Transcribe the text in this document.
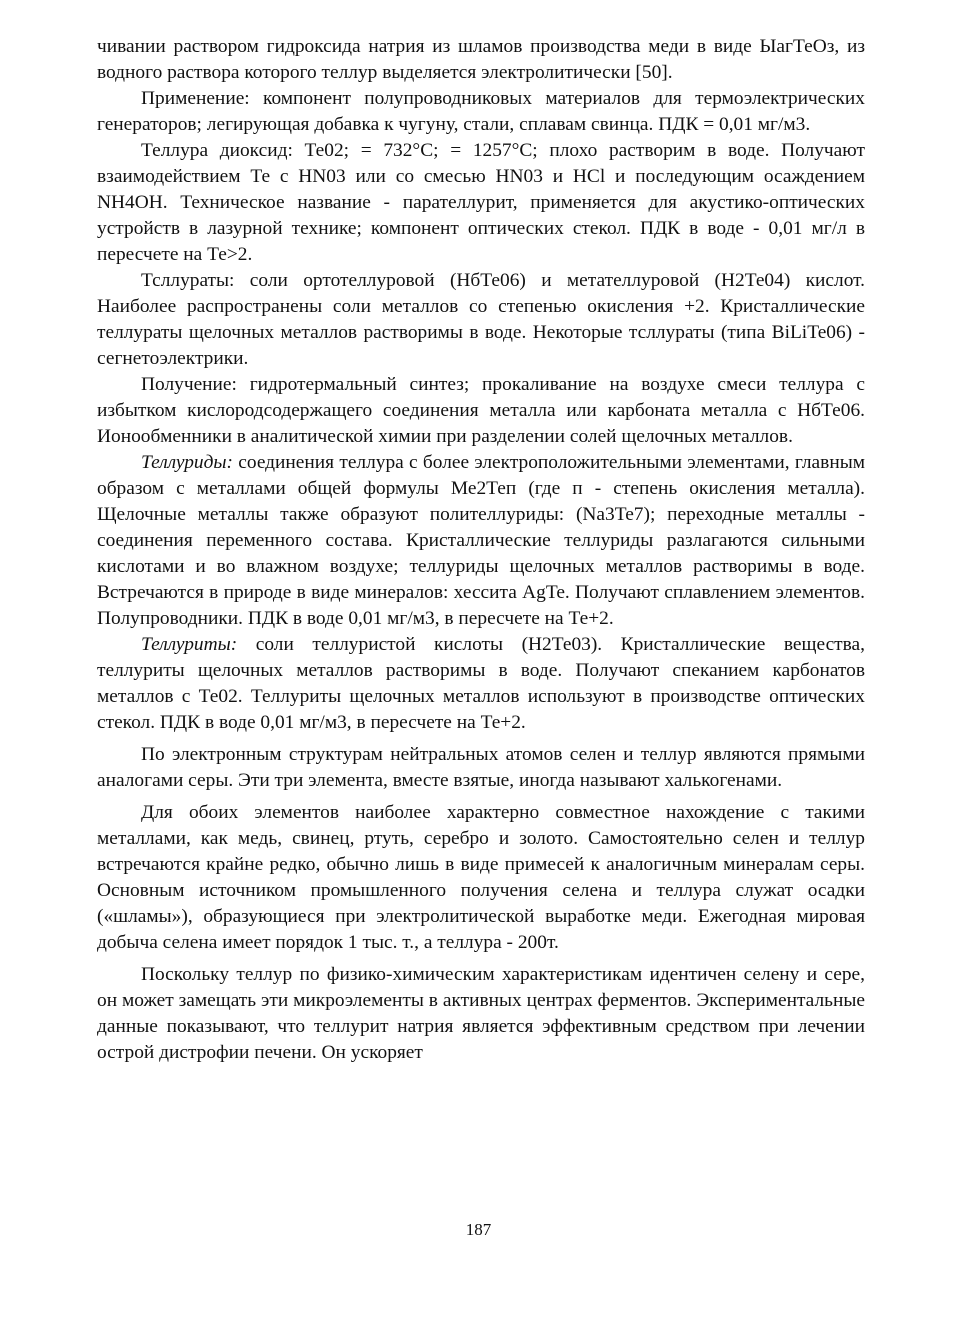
чивании раствором гидроксида натрия из шламов производства меди в виде ЫагТеОз, из водного раствора которого теллур выделяется электролитически [50].

Применение: компонент полупроводниковых материалов для термоэлектрических генераторов; легирующая добавка к чугуну, стали, сплавам свинца. ПДК = 0,01 мг/м3.

Теллура диоксид: Те02; = 732°С; = 1257°С; плохо растворим в воде. Получают взаимодействием Те с HN03 или со смесью HN03 и НСl и последующим осаждением NH4OH. Техническое название - парателлурит, применяется для акустико-оптических устройств в лазурной технике; компонент оптических стекол. ПДК в воде - 0,01 мг/л в пересчете на Те>2.

Тсллураты: соли ортотеллуровой (НбТе06) и метателлуровой (Н2Те04) кислот. Наиболее распространены соли металлов со степенью окисления +2. Кристаллические теллураты щелочных металлов растворимы в воде. Некоторые тсллураты (типа BiLiTe06) - сегнетоэлектрики.

Получение: гидротермальный синтез; прокаливание на воздухе смеси теллура с избытком кислородсодержащего соединения металла или карбоната металла с НбТе06. Ионообменники в аналитической химии при разделении солей щелочных металлов.

Теллуриды: соединения теллура с более электроположительными элементами, главным образом с металлами общей формулы Ме2Теп (где п - степень окисления металла). Щелочные металлы также образуют полителлуриды: (Na3Te7); переходные металлы - соединения переменного состава. Кристаллические теллуриды разлагаются сильными кислотами и во влажном воздухе; теллуриды щелочных металлов растворимы в воде. Встречаются в природе в виде минералов: хессита AgTe. Получают сплавлением элементов. Полупроводники. ПДК в воде 0,01 мг/м3, в пересчете на Те+2.

Теллуриты: соли теллуристой кислоты (Н2Те03). Кристаллические вещества, теллуриты щелочных металлов растворимы в воде. Получают спеканием карбонатов металлов с Те02. Теллуриты щелочных металлов используют в производстве оптических стекол. ПДК в воде 0,01 мг/м3, в пересчете на Те+2.

По электронным структурам нейтральных атомов селен и теллур являются прямыми аналогами серы. Эти три элемента, вместе взятые, иногда называют халькогенами.

Для обоих элементов наиболее характерно совместное нахождение с такими металлами, как медь, свинец, ртуть, серебро и золото. Самостоятельно селен и теллур встречаются крайне редко, обычно лишь в виде примесей к аналогичным минералам серы. Основным источником промышленного получения селена и теллура служат осадки («шламы»), образующиеся при электролитической выработке меди. Ежегодная мировая добыча селена имеет порядок 1 тыс. т., а теллура - 200т.

Поскольку теллур по физико-химическим характеристикам идентичен селену и сере, он может замещать эти микроэлементы в активных центрах ферментов. Экспериментальные данные показывают, что теллурит натрия является эффективным средством при лечении острой дистрофии печени. Он ускоряет

187
